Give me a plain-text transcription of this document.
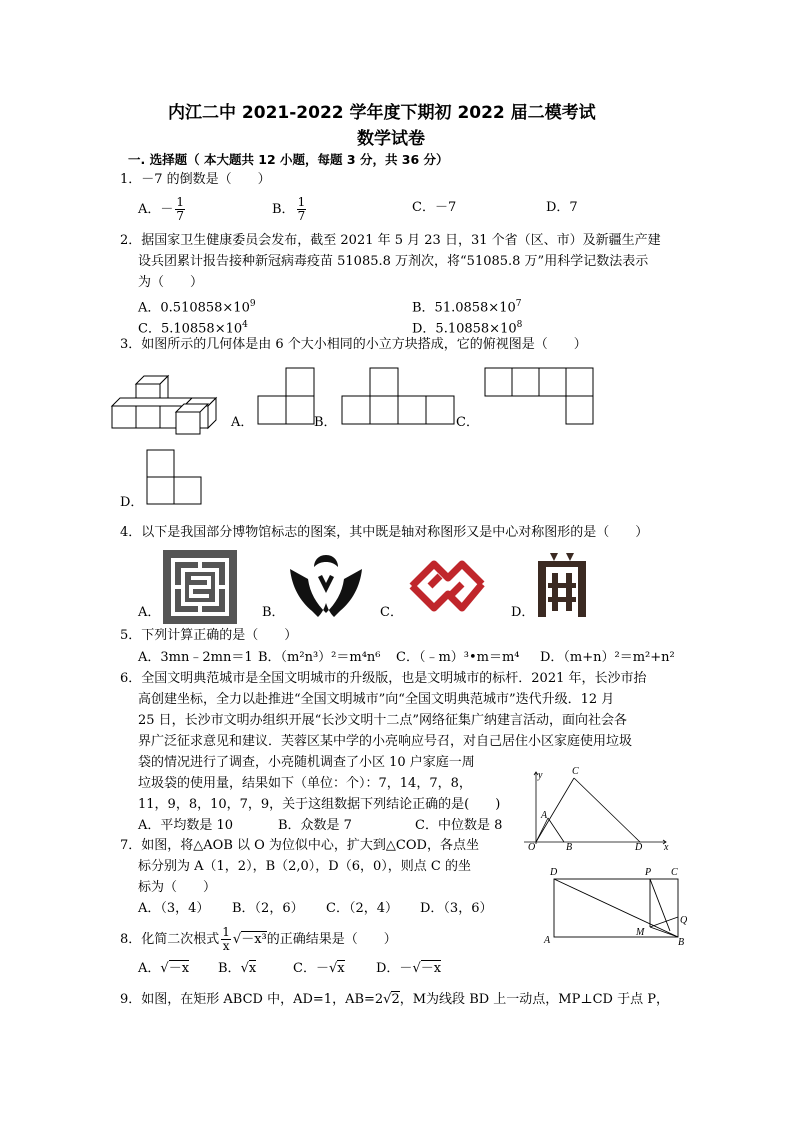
内江二中 2021-2022 学年度下期初 2022 届二模考试
数学试卷
一. 选择题（ 本大题共 12 小题，每题 3 分，共 36 分）
1．－7 的倒数是（　　）
A．－ $\frac{1}{7}$	B． $\frac{1}{7}$	C．－7	D．7
2．据国家卫生健康委员会发布，截至 2021 年 5 月 23 日，31 个省（区、市）及新疆生产建
设兵团累计报告接种新冠病毒疫苗 51085.8 万剂次，将“51085.8 万”用科学记数法表示
为（　　）
A．$0.510858\times 10^9$	B．$51.0858\times 10^7$
C．$5.10858\times 10^4$	D．$5.10858\times 10^8$
3．如图所示的几何体是由 6 个大小相同的小立方块搭成，它的俯视图是（　　）
A．	B．	C．
D．
4．以下是我国部分博物馆标志的图案，其中既是轴对称图形又是中心对称图形的是（　　）
A．	B．	C．	D．
5．下列计算正确的是（　　）
A．3mn﹣2mn＝1 B．（m²n³）²＝m⁴n⁶ C．（﹣m）³•m＝m⁴ D．（m+n）²＝m²+n²
6．全国文明典范城市是全国文明城市的升级版，也是文明城市的标杆．2021 年，长沙市抬
高创建坐标，全力以赴推进“全国文明城市”向“全国文明典范城市”迭代升级．12 月
25 日，长沙市文明办组织开展“长沙文明十二点”网络征集广纳建言活动，面向社会各
界广泛征求意见和建议．芙蓉区某中学的小亮响应号召，对自己居住小区家庭使用垃圾
袋的情况进行了调查，小亮随机调查了小区 10 户家庭一周
垃圾袋的使用量，结果如下（单位：个）：7，14，7，8，
11，9，8，10，7，9，关于这组数据下列结论正确的是(　　)
A．平均数是 10	B．众数是 7	C．中位数是 8
y	C
A
O	B	D x
7．如图，将△AOB 以 O 为位似中心，扩大到△COD，各点坐
标分别为 A（1，2），B（2,0），D（6，0），则点 C 的坐
标为（　　）
A．（3，4） B．（2，6） C．（2，4） D．（3，6）
D	P C
Q
A
M
B
8．化简二次根式 $\frac{1}{x} √-x^3$的正确结果是（　　）
A．√－x B．√x	C．－√x D．－√－x
9．如图，在矩形 ABCD 中，AD=1，AB=2√2，M为线段 BD 上一动点，MP⊥CD 于点 P，
